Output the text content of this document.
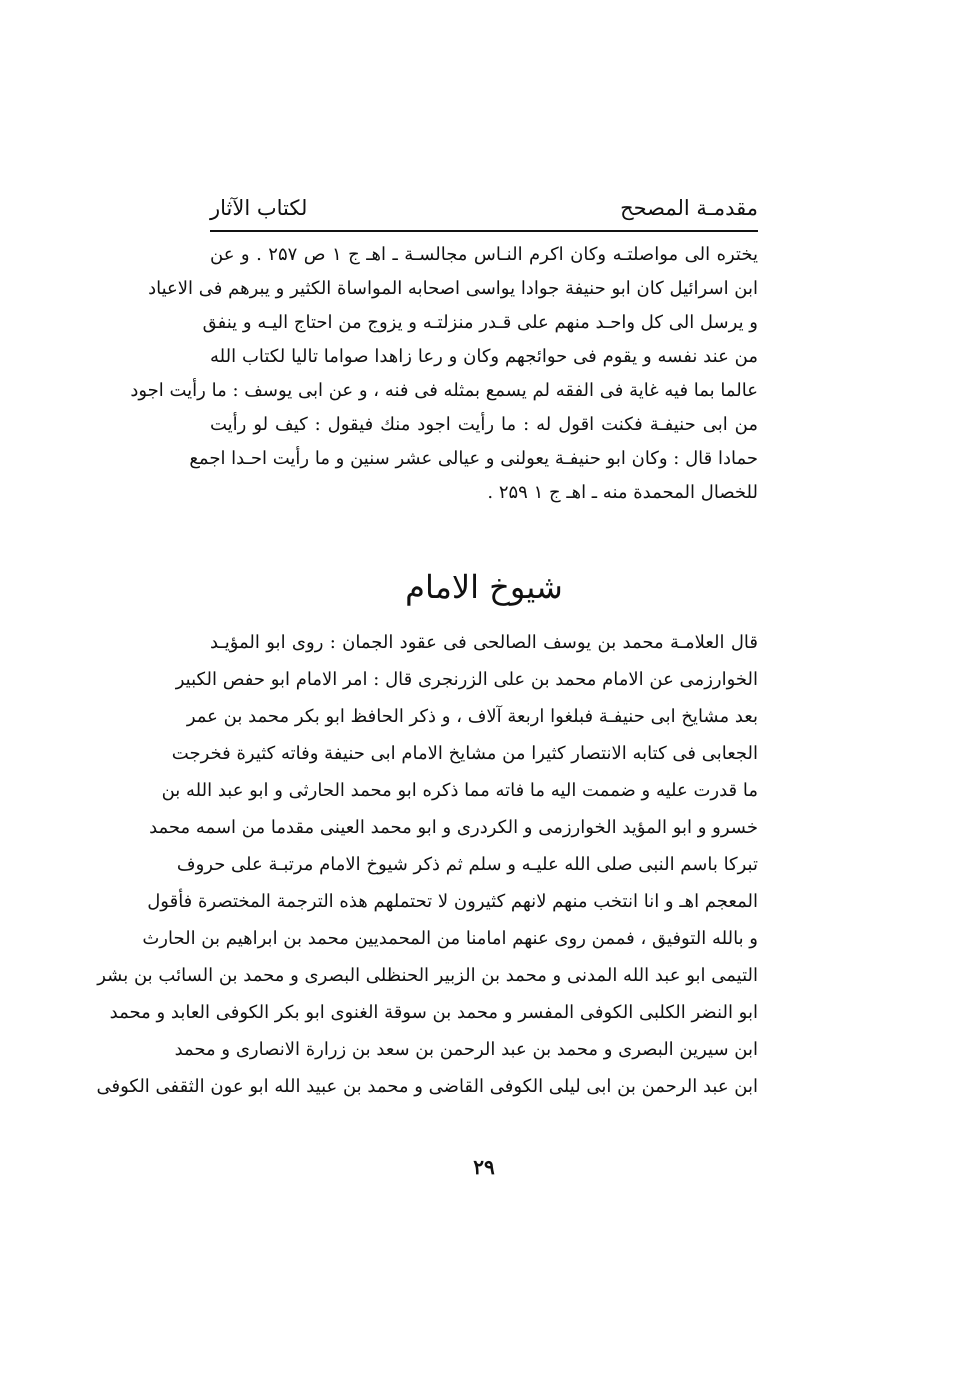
مقدمـة المصحح
لكتاب الآثار
يختره الى مواصلتـه وكان اكرم النـاس مجالسـة ـ اهـ ج ۱ ص ۲۵۷ . و عن
ابن اسرائيل كان ابو حنيفة جوادا يواسى اصحابه المواساة الكثير و يبرهم فى الاعياد
و يرسل الى كل واحـد منهم على قـدر منزلتـه و يزوج من احتاج اليـه و ينفق
من عند نفسه و يقوم فى حوائجهم وكان و رعا زاهدا صواما تاليا لكتاب الله
عالما بما فيه غاية فى الفقه لم يسمع بمثله فى فنه ، و عن ابى يوسف : ما رأيت اجود
من ابى حنيفـة فكنت اقول له : ما رأيت اجود منك فيقول : كيف لو رأيت
حمادا قال : وكان ابو حنيفـة يعولنى و عيالى عشر سنين و ما رأيت احـدا اجمع
للخصال المحمدة منه ـ اهـ ج ۱ ۲۵۹ .
شيوخ الامام
قال العلامـة محمد بن يوسف الصالحى فى عقود الجمان : روى ابو المؤيـد
الخوارزمى عن الامام محمد بن على الزرنجرى قال : امر الامام ابو حفص الكبير
بعد مشايخ ابى حنيفـة فبلغوا اربعة آلاف ، و ذكر الحافظ ابو بكر محمد بن عمر
الجعابى فى كتابه الانتصار كثيرا من مشايخ الامام ابى حنيفة وفاته كثيرة فخرجت
ما قدرت عليه و ضممت اليه ما فاته مما ذكره ابو محمد الحارثى و ابو عبد الله بن
خسرو و ابو المؤيد الخوارزمى و الكردرى و ابو محمد العينى مقدما من اسمه محمد
تبركا باسم النبى صلى الله عليـه و سلم ثم ذكر شيوخ الامام مرتبـة على حروف
المعجم اهـ و انا انتخب منهم لانهم كثيرون لا تحتملهم هذه الترجمة المختصرة فأقول
و بالله التوفيق ، فممن روى عنهم امامنا من المحمديين محمد بن ابراهيم بن الحارث
التيمى ابو عبد الله المدنى و محمد بن الزبير الحنظلى البصرى و محمد بن السائب بن بشر
ابو النضر الكلبى الكوفى المفسر و محمد بن سوقة الغنوى ابو بكر الكوفى العابد و محمد
ابن سيرين البصرى و محمد بن عبد الرحمن بن سعد بن زرارة الانصارى و محمد
ابن عبد الرحمن بن ابى ليلى الكوفى القاضى و محمد بن عبيد الله ابو عون الثقفى الكوفى
۲۹
